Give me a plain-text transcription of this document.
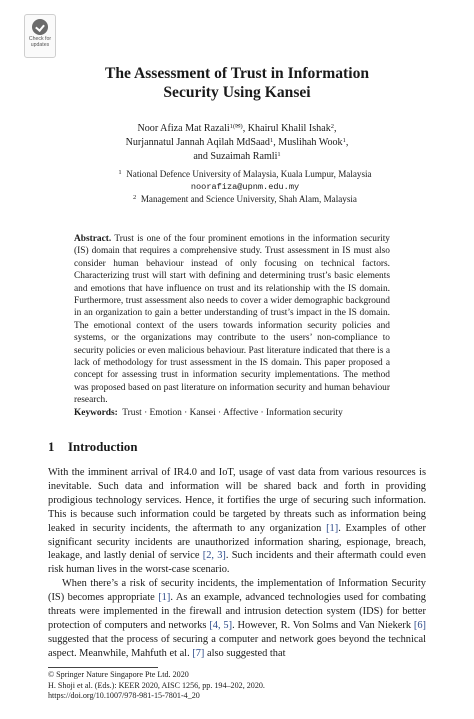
Check for
updates
The Assessment of Trust in Information
Security Using Kansei
Noor Afiza Mat Razali$^{1(✉)}$, Khairul Khalil Ishak$^2$,
Nurjannatul Jannah Aqilah MdSaad$^1$, Muslihah Wook$^1$,
and Suzaimah Ramli$^1$
$^1$ National Defence University of Malaysia, Kuala Lumpur, Malaysia
noorafiza@upnm.edu.my
$^2$ Management and Science University, Shah Alam, Malaysia
Abstract. Trust is one of the four prominent emotions in the information security (IS) domain that requires a comprehensive study. Trust assessment in IS must also consider human behaviour instead of only focusing on technical factors. Characterizing trust will start with defining and determining trust’s basic elements and emotions that have influence on trust and its relationship with the IS domain. Furthermore, trust assessment also needs to cover a wider demographic background in an organization to gain a better understanding of trust’s impact in the IS domain. The emotional context of the users towards information security policies and systems, or the organizations may contribute to the users’ non-compliance to security policies or even malicious behaviour. Past literature indicated that there is a lack of methodology for trust assessment in the IS domain. This paper proposed a concept for assessing trust in information security implementations. The method was proposed based on past literature on information security and human behaviour research.
Keywords: Trust · Emotion · Kansei · Affective · Information security
1 Introduction

With the imminent arrival of IR4.0 and IoT, usage of vast data from various resources is inevitable. Such data and information will be shared back and forth in providing prodigious technology services. Hence, it fortifies the urge of securing such information. This is because such information could be targeted by threats such as information being leaked in security incidents, the aftermath to any organization [1]. Examples of other significant security incidents are unauthorized information sharing, espionage, breach, leakage, and lastly denial of service [2, 3]. Such incidents and their aftermath could even risk human lives in the worst-case scenario.

When there’s a risk of security incidents, the implementation of Information Security (IS) becomes appropriate [1]. As an example, advanced technologies used for combating threats were implemented in the firewall and intrusion detection system (IDS) for better protection of computers and networks [4, 5]. However, R. Von Solms and Van Niekerk [6] suggested that the process of securing a computer and network goes beyond the technical aspect. Meanwhile, Mahfuth et al. [7] also suggested that

© Springer Nature Singapore Pte Ltd. 2020
H. Shoji et al. (Eds.): KEER 2020, AISC 1256, pp. 194–202, 2020.
https://doi.org/10.1007/978-981-15-7801-4_20
